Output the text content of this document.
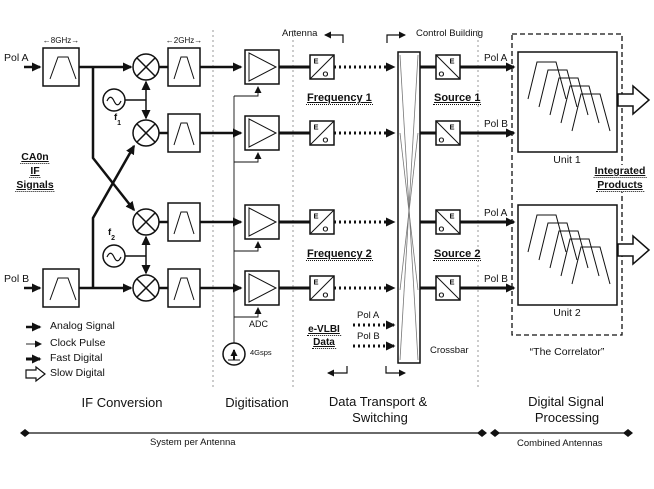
E
O
E
O
E
O
E
O
O
E
O
E
O
E
O
E
Pol A
Pol B
←8GHz→	←2GHz→
$f_1$
$f_2$
CA0n
IF
Signals
Antenna	Control Building
Frequency 1
Frequency 2
Source 1
Source 2
ADC
4Gsps
e-VLBI
Data
Pol A
Pol B
Crossbar
Pol A
Pol B
Pol A
Pol B
Unit 1
Unit 2
Integrated
Products
“The Correlator”
Analog Signal
Clock Pulse
Fast Digital
Slow Digital
IF Conversion	Digitisation	Data Transport &
Switching
Digital Signal
Processing
System per Antenna	Combined Antennas
